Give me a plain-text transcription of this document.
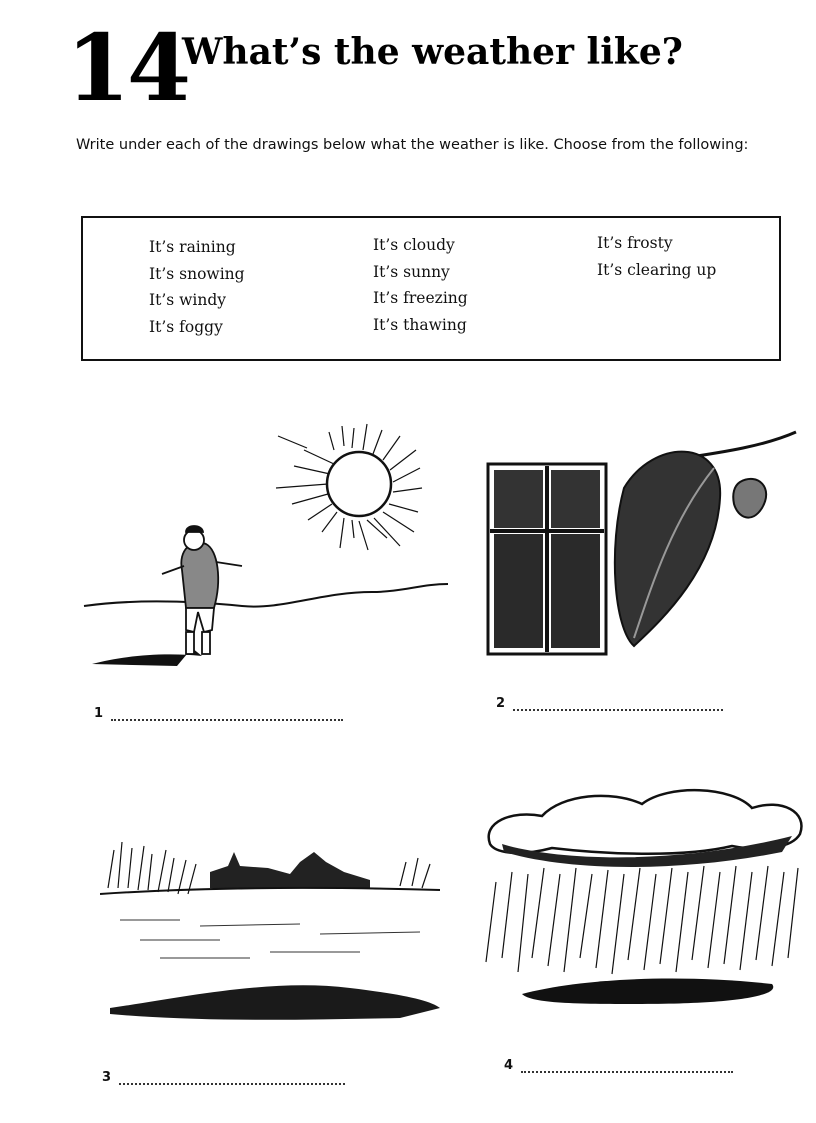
14
What’s the weather like?
Write under each of the drawings below what the weather is like. Choose from the following:
It’s raining
It’s snowing
It’s windy
It’s foggy
It’s cloudy
It’s sunny
It’s freezing
It’s thawing
It’s frosty
It’s clearing up
1
2
3
4
